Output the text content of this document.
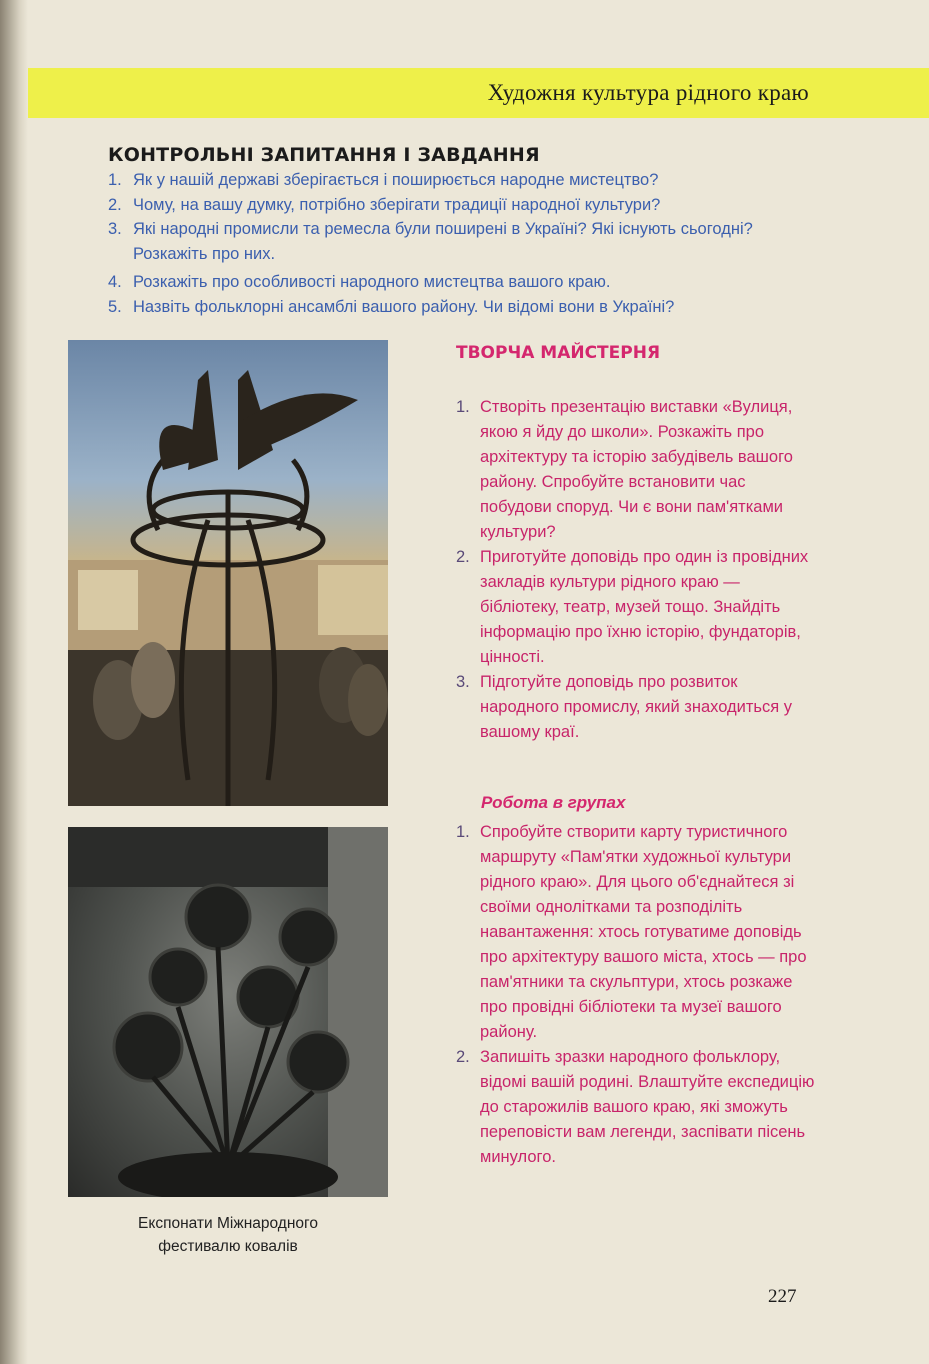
Художня культура рідного краю
КОНТРОЛЬНІ ЗАПИТАННЯ І ЗАВДАННЯ
1. Як у нашій державі зберігається і поширюється народне мистецтво?
2. Чому, на вашу думку, потрібно зберігати традиції народної культури?
3. Які народні промисли та ремесла були поширені в Україні? Які існують сьогодні? Розкажіть про них.
4. Розкажіть про особливості народного мистецтва вашого краю.
5. Назвіть фольклорні ансамблі вашого району. Чи відомі вони в Україні?
Експонати Міжнародного
фестивалю ковалів
ТВОРЧА МАЙСТЕРНЯ
1. Створіть презентацію виставки «Вулиця, якою я йду до школи». Розкажіть про архітектуру та історію забудівель вашого району. Спробуйте встановити час побудови споруд. Чи є вони пам'ятками культури?
2. Приготуйте доповідь про один із провідних закладів культури рідного краю — бібліотеку, театр, музей тощо. Знайдіть інформацію про їхню історію, фундаторів, цінності.
3. Підготуйте доповідь про розвиток народного промислу, який знаходиться у вашому краї.
Робота в групах
1. Спробуйте створити карту туристичного маршруту «Пам'ятки художньої культури рідного краю». Для цього об'єднайтеся зі своїми однолітками та розподіліть навантаження: хтось готуватиме доповідь про архітектуру вашого міста, хтось — про пам'ятники та скульптури, хтось розкаже про провідні бібліотеки та музеї вашого району.
2. Запишіть зразки народного фольклору, відомі вашій родині. Влаштуйте експедицію до старожилів вашого краю, які зможуть переповісти вам легенди, заспівати пісень минулого.
227
